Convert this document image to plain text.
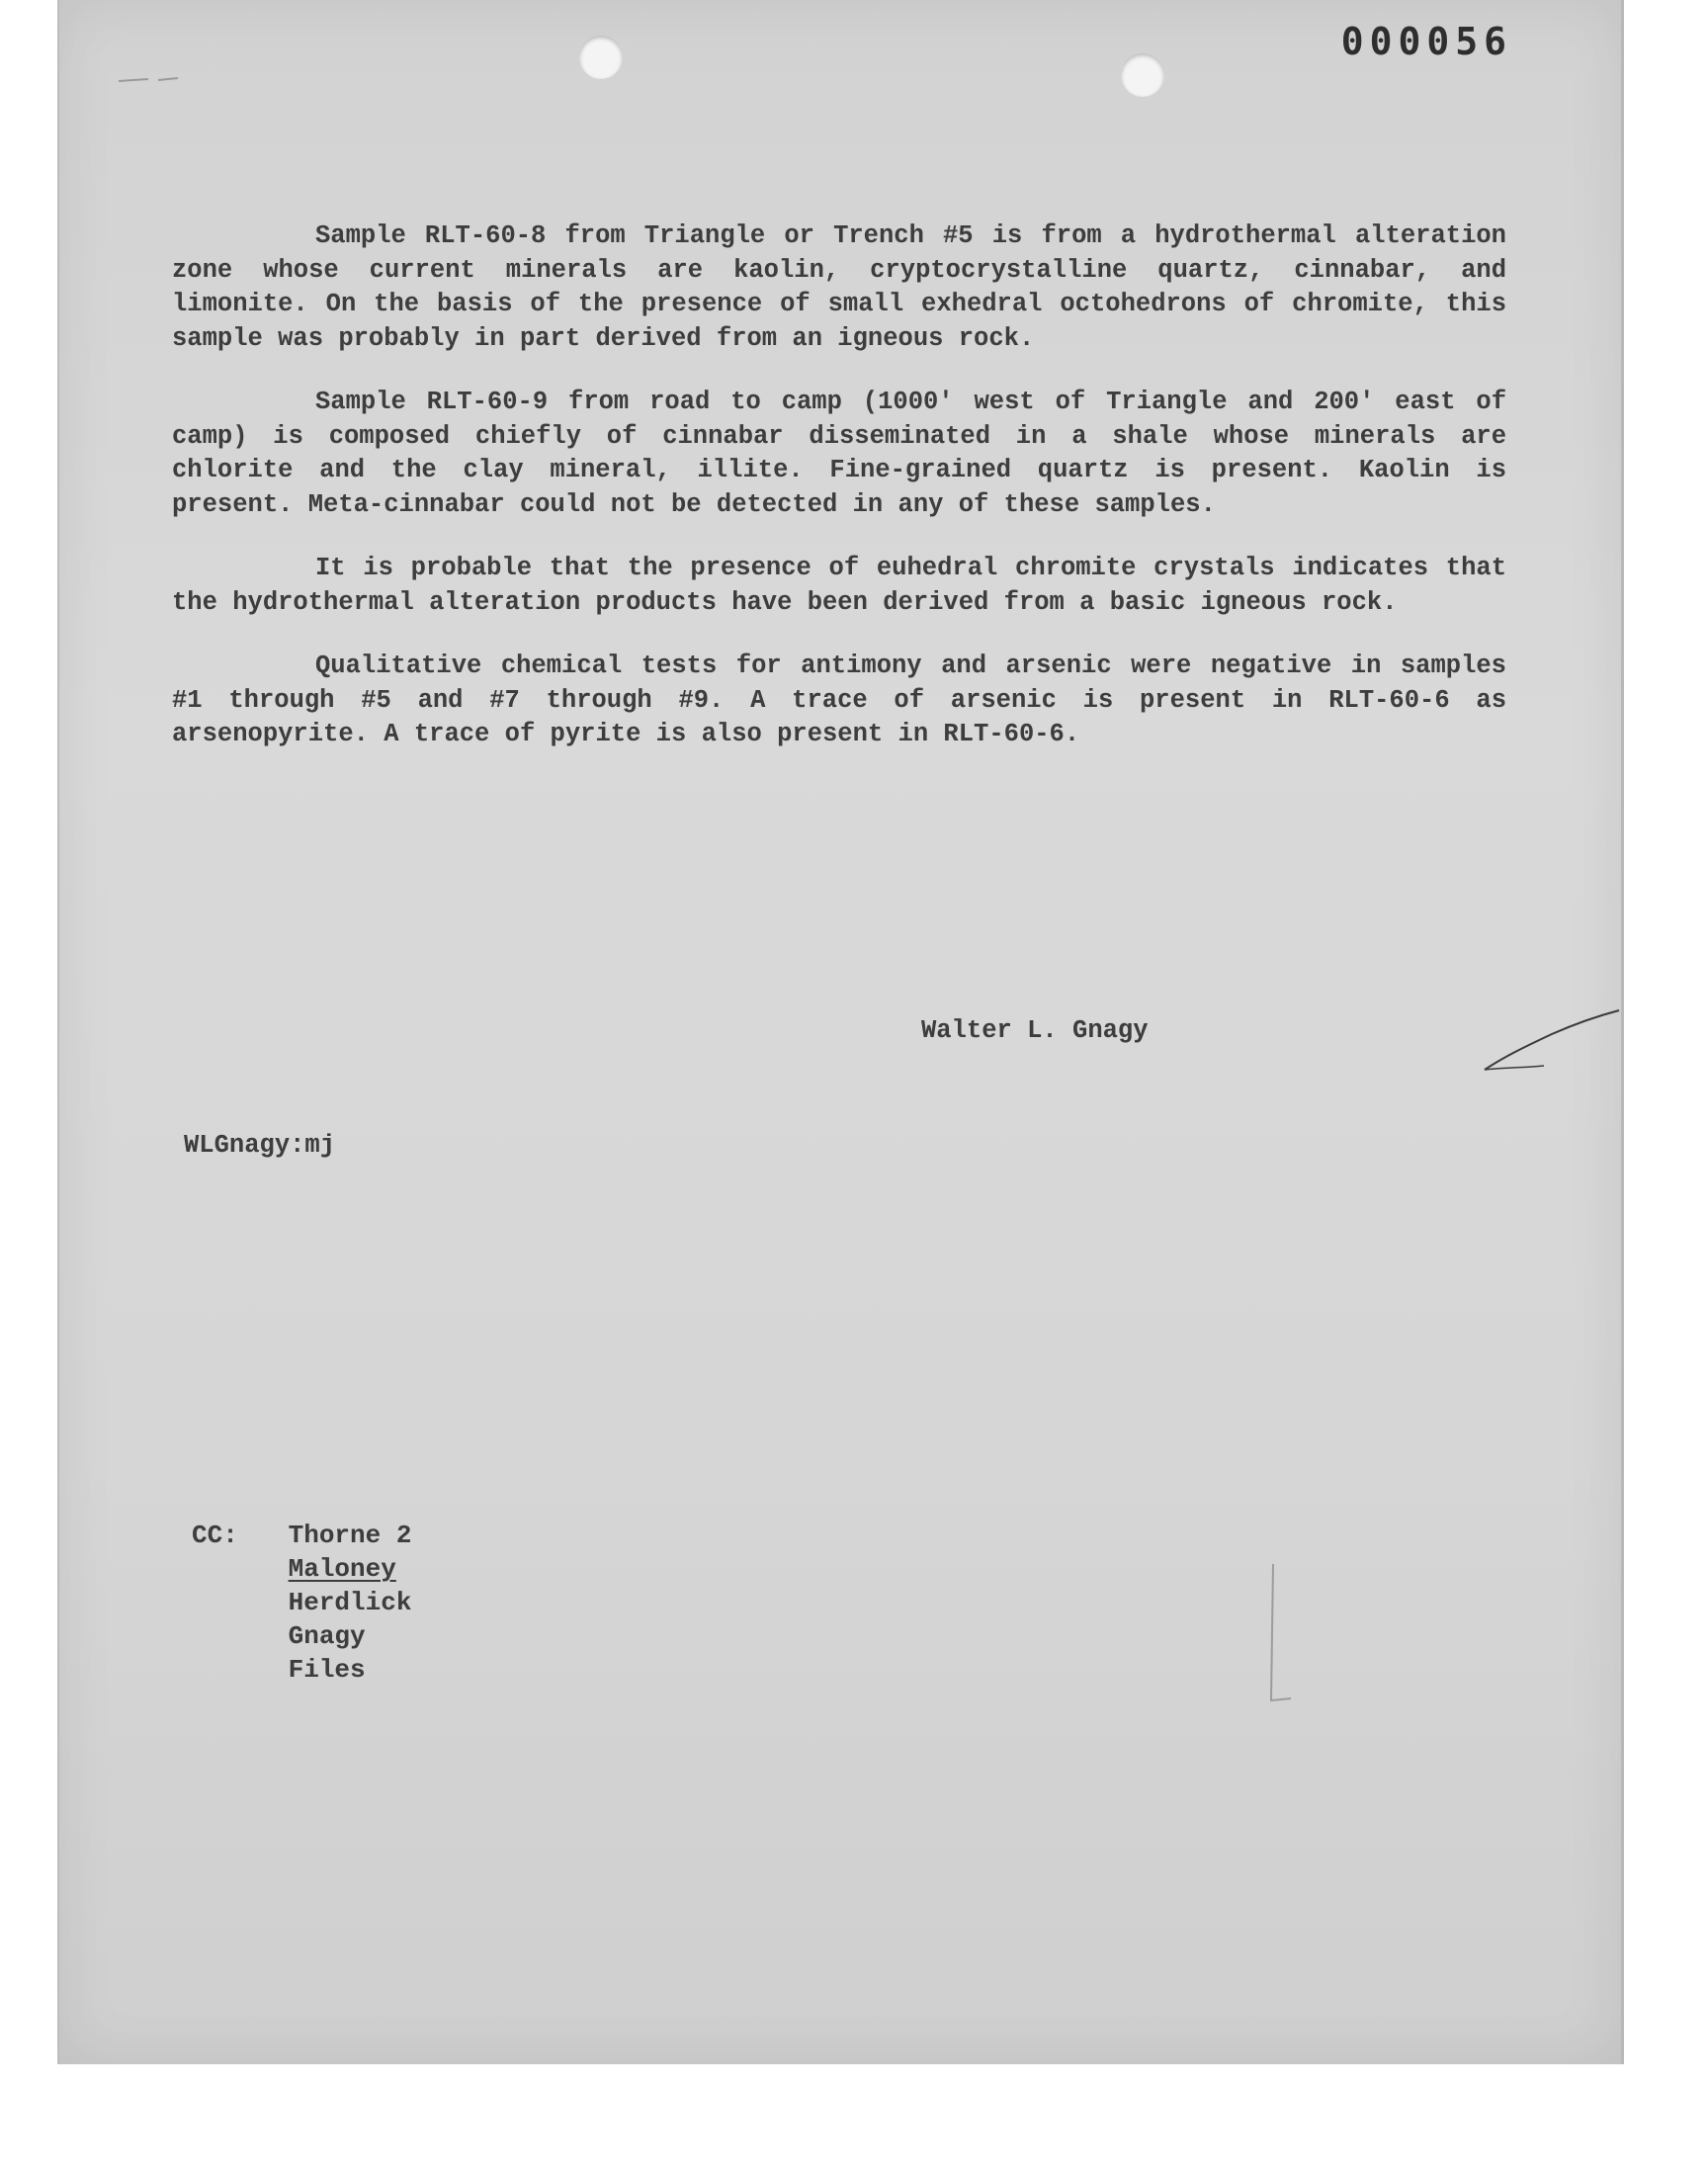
000056

Sample RLT-60-8 from Triangle or Trench #5 is from a hydrothermal alteration zone whose current minerals are kaolin, cryptocrystalline quartz, cinnabar, and limonite. On the basis of the presence of small exhedral octohedrons of chromite, this sample was probably in part derived from an igneous rock.

Sample RLT-60-9 from road to camp (1000' west of Triangle and 200' east of camp) is composed chiefly of cinnabar disseminated in a shale whose minerals are chlorite and the clay mineral, illite. Fine-grained quartz is present. Kaolin is present. Meta-cinnabar could not be detected in any of these samples.

It is probable that the presence of euhedral chromite crystals indicates that the hydrothermal alteration products have been derived from a basic igneous rock.

Qualitative chemical tests for antimony and arsenic were negative in samples #1 through #5 and #7 through #9. A trace of arsenic is present in RLT-60-6 as arsenopyrite. A trace of pyrite is also present in RLT-60-6.

Walter L. Gnagy
WLGnagy:mj
CC: Thorne 2
Maloney
Herdlick
Gnagy
Files
